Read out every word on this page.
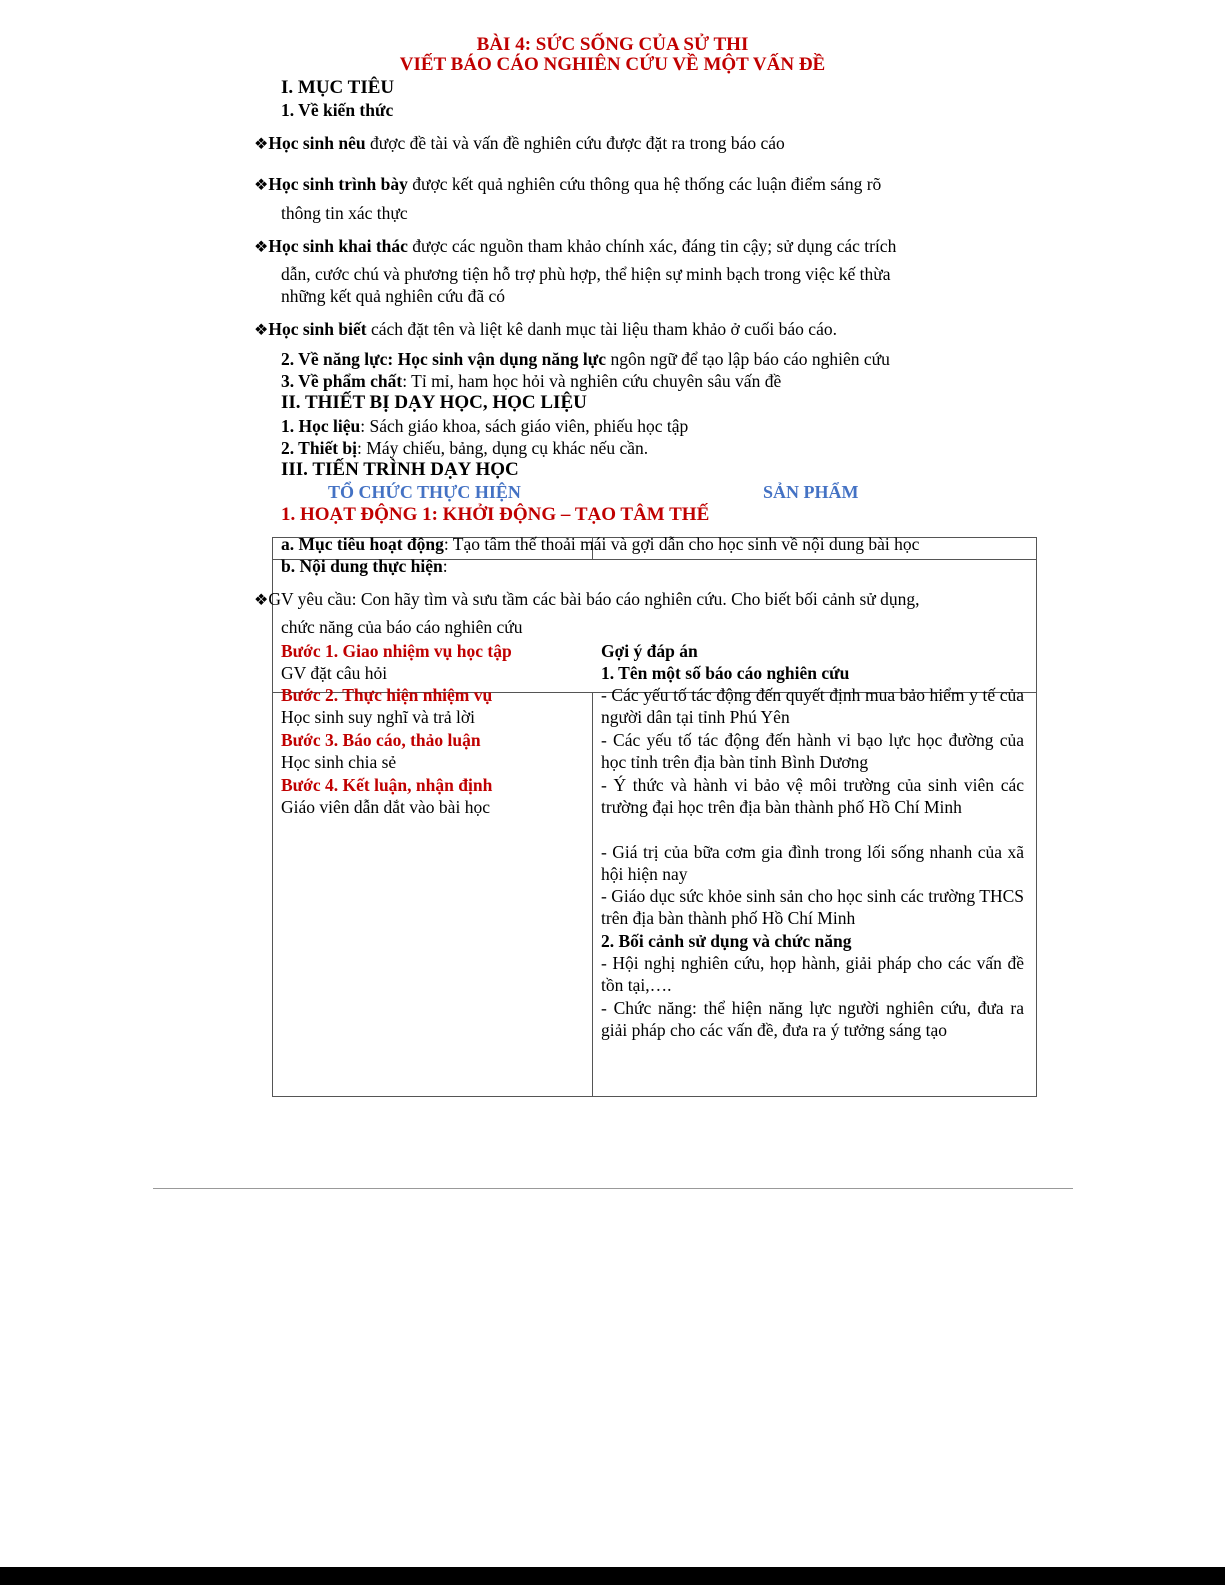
BÀI 4: SỨC SỐNG CỦA SỬ THI
VIẾT BÁO CÁO NGHIÊN CỨU VỀ MỘT VẤN ĐỀ
I. MỤC TIÊU
1. Về kiến thức
❖Học sinh nêu được đề tài và vấn đề nghiên cứu được đặt ra trong báo cáo
❖Học sinh trình bày được kết quả nghiên cứu thông qua hệ thống các luận điểm sáng rõ
thông tin xác thực
❖Học sinh khai thác được các nguồn tham khảo chính xác, đáng tin cậy; sử dụng các trích
dẫn, cước chú và phương tiện hỗ trợ phù hợp, thể hiện sự minh bạch trong việc kế thừa
những kết quả nghiên cứu đã có
❖Học sinh biết cách đặt tên và liệt kê danh mục tài liệu tham khảo ở cuối báo cáo.
2. Về năng lực: Học sinh vận dụng năng lực ngôn ngữ để tạo lập báo cáo nghiên cứu
3. Về phẩm chất: Tỉ mỉ, ham học hỏi và nghiên cứu chuyên sâu vấn đề
II. THIẾT BỊ DẠY HỌC, HỌC LIỆU
1. Học liệu: Sách giáo khoa, sách giáo viên, phiếu học tập
2. Thiết bị: Máy chiếu, bảng, dụng cụ khác nếu cần.
III. TIẾN TRÌNH DẠY HỌC
TỔ CHỨC THỰC HIỆN	SẢN PHẨM
1. HOẠT ĐỘNG 1: KHỞI ĐỘNG – TẠO TÂM THẾ
a. Mục tiêu hoạt động: Tạo tâm thế thoải mái và gợi dẫn cho học sinh về nội dung bài học
b. Nội dung thực hiện:
❖GV yêu cầu: Con hãy tìm và sưu tầm các bài báo cáo nghiên cứu. Cho biết bối cảnh sử dụng,
chức năng của báo cáo nghiên cứu
Bước 1. Giao nhiệm vụ học tập
GV đặt câu hỏi
Bước 2. Thực hiện nhiệm vụ
Học sinh suy nghĩ và trả lời
Bước 3. Báo cáo, thảo luận
Học sinh chia sẻ
Bước 4. Kết luận, nhận định
Giáo viên dẫn dắt vào bài học
Gợi ý đáp án
1. Tên một số báo cáo nghiên cứu
- Các yếu tố tác động đến quyết định mua bảo hiểm y tế của người dân tại tỉnh Phú Yên
- Các yếu tố tác động đến hành vi bạo lực học đường của học tỉnh trên địa bàn tỉnh Bình Dương
- Ý thức và hành vi bảo vệ môi trường của sinh viên các trường đại học trên địa bàn thành phố Hồ Chí Minh
- Giá trị của bữa cơm gia đình trong lối sống nhanh của xã hội hiện nay
- Giáo dục sức khỏe sinh sản cho học sinh các trường THCS trên địa bàn thành phố Hồ Chí Minh
2. Bối cảnh sử dụng và chức năng
- Hội nghị nghiên cứu, họp hành, giải pháp cho các vấn đề tồn tại,….
- Chức năng: thể hiện năng lực người nghiên cứu, đưa ra giải pháp cho các vấn đề, đưa ra ý tưởng sáng tạo
